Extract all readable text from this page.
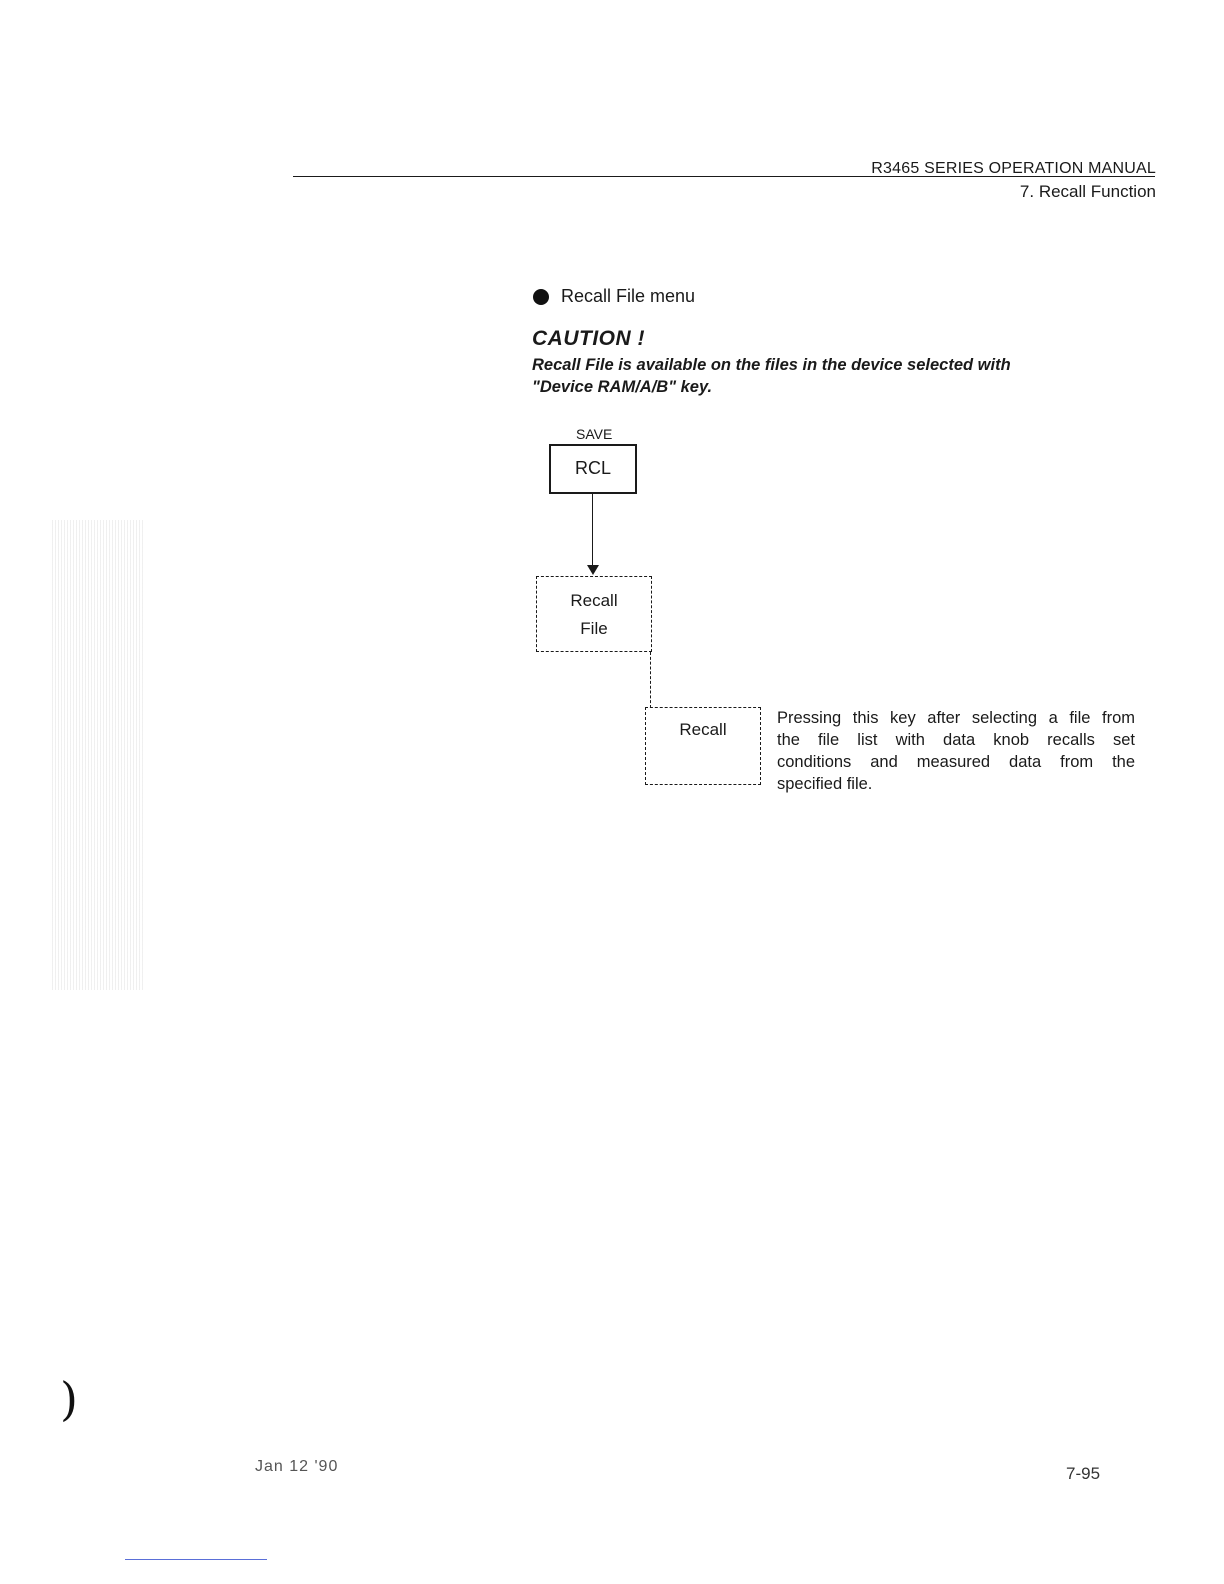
)
R3465 SERIES OPERATION MANUAL
7. Recall Function
Recall File menu
CAUTION !
Recall File is available on the files in the device selected with
"Device RAM/A/B" key.
SAVE
RCL
Recall
File
Recall
Pressing this key after selecting a file from
the file list with data knob recalls set
conditions and measured data from the
specified file.
Jan 12 '90	7-95
